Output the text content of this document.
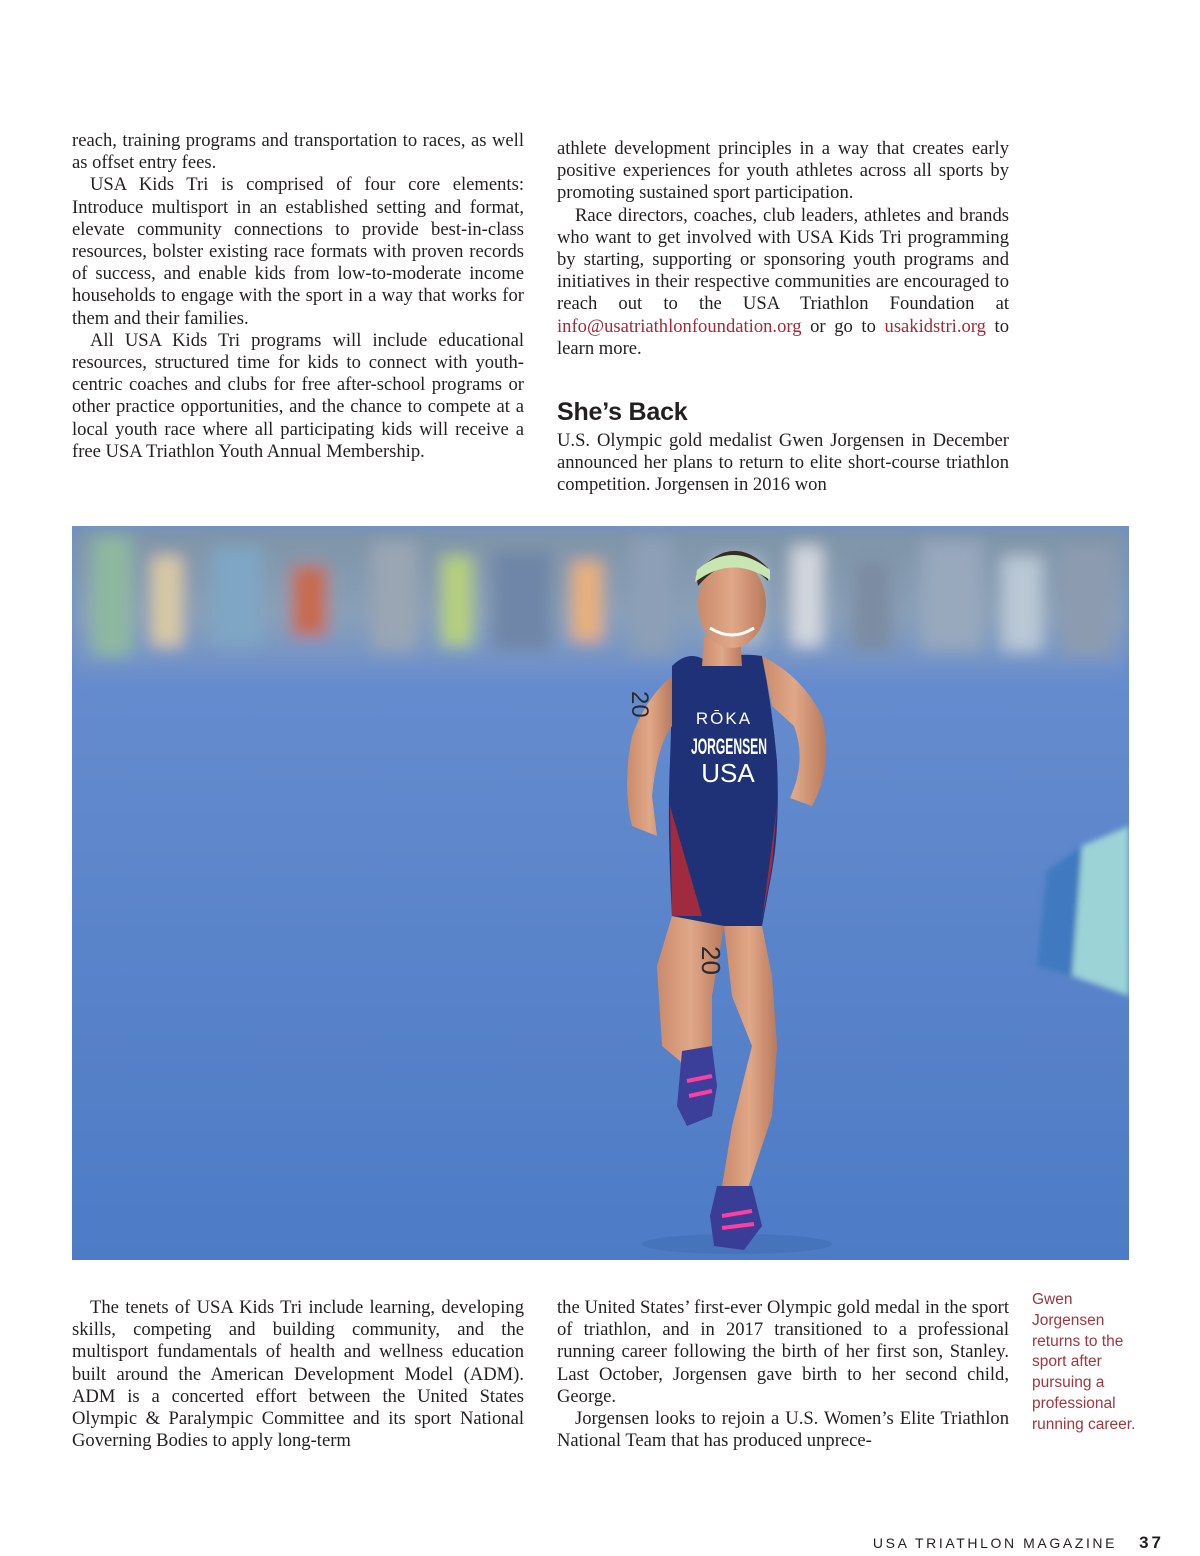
reach, training programs and transportation to races, as well as offset entry fees.

USA Kids Tri is comprised of four core elements: Introduce multisport in an established setting and format, elevate community connections to provide best-in-class resources, bolster existing race formats with proven records of success, and enable kids from low-to-moderate income households to engage with the sport in a way that works for them and their families.

All USA Kids Tri programs will include educational resources, structured time for kids to connect with youth-centric coaches and clubs for free after-school programs or other practice opportunities, and the chance to compete at a local youth race where all participating kids will receive a free USA Triathlon Youth Annual Membership.

athlete development principles in a way that creates early positive experiences for youth athletes across all sports by promoting sustained sport participation.

Race directors, coaches, club leaders, athletes and brands who want to get involved with USA Kids Tri programming by starting, supporting or sponsoring youth programs and initiatives in their respective communities are encouraged to reach out to the USA Triathlon Foundation at info@usatriathlonfoundation.org or go to usakidstri.org to learn more.

She’s Back

U.S. Olympic gold medalist Gwen Jorgensen in December announced her plans to return to elite short-course triathlon competition. Jorgensen in 2016 won

RŌKA
JORGENSEN
USA
20
20
Gwen Jorgensen returns to the sport after pursuing a professional running career.

The tenets of USA Kids Tri include learning, developing skills, competing and building community, and the multisport fundamentals of health and wellness education built around the American Development Model (ADM). ADM is a concerted effort between the United States Olympic & Paralympic Committee and its sport National Governing Bodies to apply long-term

the United States’ first-ever Olympic gold medal in the sport of triathlon, and in 2017 transitioned to a professional running career following the birth of her first son, Stanley. Last October, Jorgensen gave birth to her second child, George.

Jorgensen looks to rejoin a U.S. Women’s Elite Triathlon National Team that has produced unprece-

USA TRIATHLON MAGAZINE 37
